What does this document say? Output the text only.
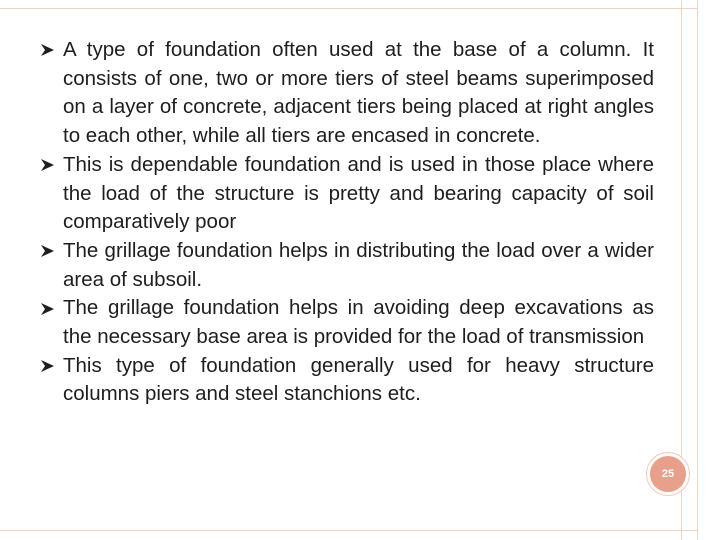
A type of foundation often used at the base of a column. It consists of one, two or more tiers of steel beams superimposed on a layer of concrete, adjacent tiers being placed at right angles to each other, while all tiers are encased in concrete.
This is dependable foundation and is used in those place where the load of the structure is pretty and bearing capacity of soil comparatively poor
The grillage foundation helps in distributing the load over a wider area of subsoil.
The grillage foundation helps in avoiding deep excavations as the necessary base area is provided for the load of transmission
This type of foundation generally used for heavy structure columns piers and steel stanchions etc.
25
